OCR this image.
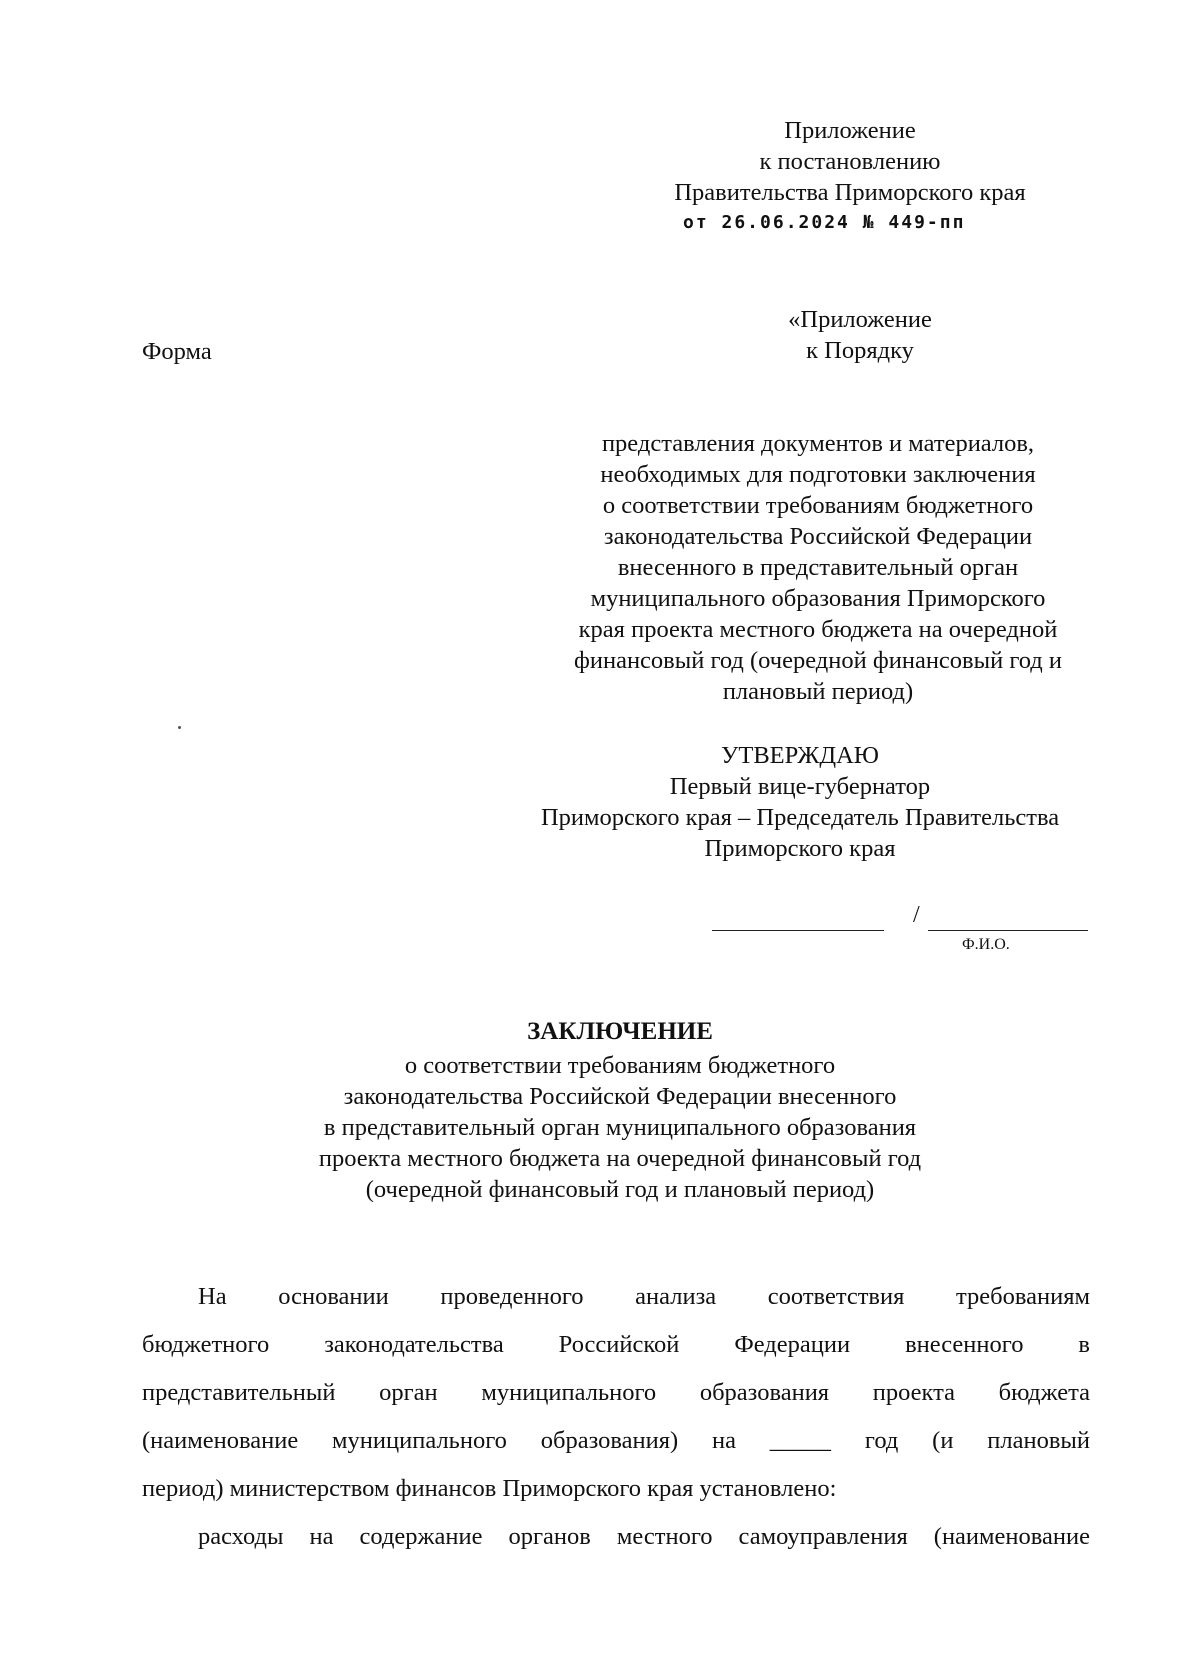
Приложение
к постановлению
Правительства Приморского края
от 26.06.2024 № 449-пп
Форма
«Приложение
к Порядку
представления документов и материалов,
необходимых для подготовки заключения
о соответствии требованиям бюджетного
законодательства Российской Федерации
внесенного в представительный орган
муниципального образования Приморского
края проекта местного бюджета на очередной
финансовый год (очередной финансовый год и
плановый период)
УТВЕРЖДАЮ
Первый вице-губернатор
Приморского края – Председатель Правительства
Приморского края
/
Ф.И.О.
ЗАКЛЮЧЕНИЕ
о соответствии требованиям бюджетного
законодательства Российской Федерации внесенного
в представительный орган муниципального образования
проекта местного бюджета на очередной финансовый год
(очередной финансовый год и плановый период)
На основании проведенного анализа соответствия требованиям
бюджетного законодательства Российской Федерации внесенного в
представительный орган муниципального образования проекта бюджета
(наименование муниципального образования) на _____ год (и плановый
период) министерством финансов Приморского края установлено:
расходы на содержание органов местного самоуправления (наименование
